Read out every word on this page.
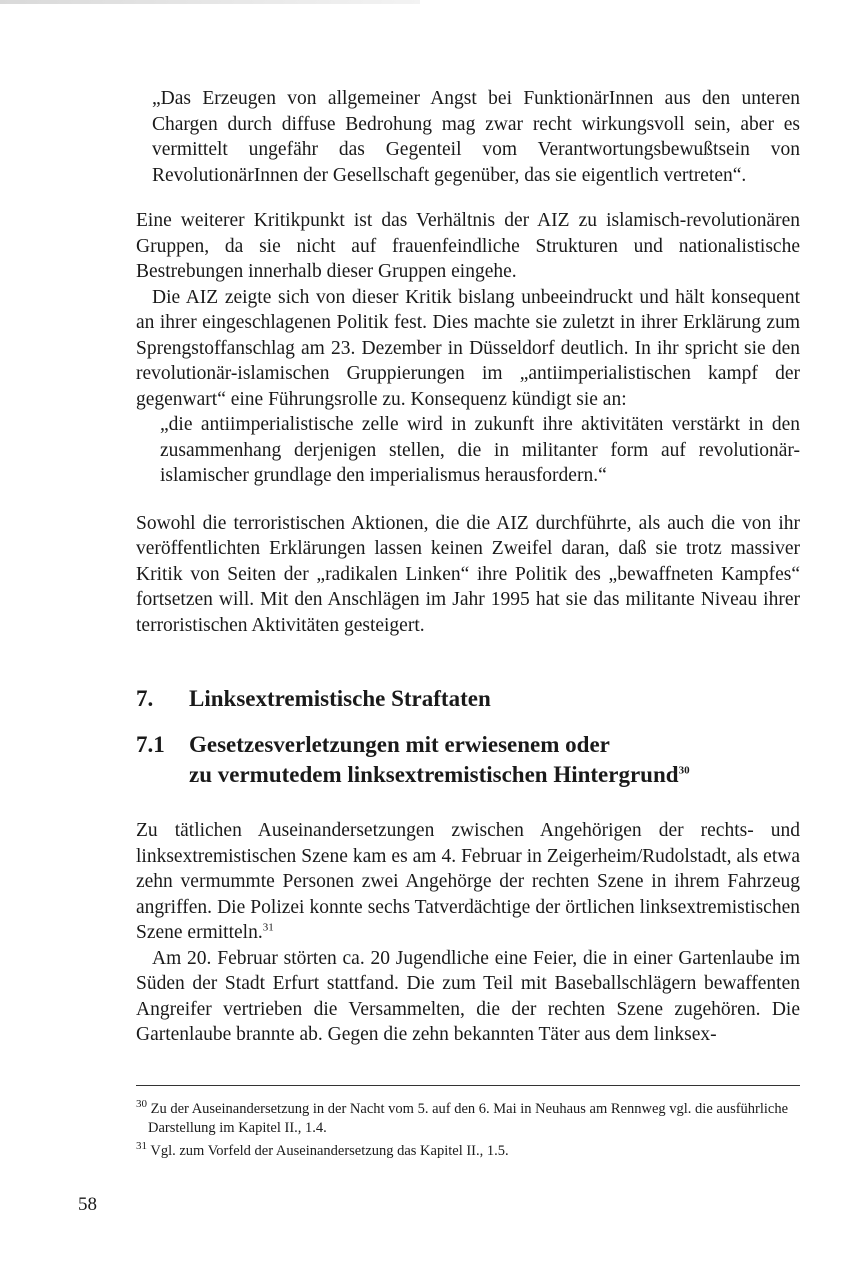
„Das Erzeugen von allgemeiner Angst bei FunktionärInnen aus den unteren Chargen durch diffuse Bedrohung mag zwar recht wirkungsvoll sein, aber es vermittelt ungefähr das Gegenteil vom Verantwortungsbewußtsein von RevolutionärInnen der Gesellschaft gegenüber, das sie eigentlich vertreten“.

Eine weiterer Kritikpunkt ist das Verhältnis der AIZ zu islamisch-revolutionären Gruppen, da sie nicht auf frauenfeindliche Strukturen und nationalistische Bestrebungen innerhalb dieser Gruppen eingehe.

Die AIZ zeigte sich von dieser Kritik bislang unbeeindruckt und hält konsequent an ihrer eingeschlagenen Politik fest. Dies machte sie zuletzt in ihrer Erklärung zum Sprengstoffanschlag am 23. Dezember in Düsseldorf deutlich. In ihr spricht sie den revolutionär-islamischen Gruppierungen im „antiimperialistischen kampf der gegenwart“ eine Führungsrolle zu. Konsequenz kündigt sie an:

„die antiimperialistische zelle wird in zukunft ihre aktivitäten verstärkt in den zusammenhang derjenigen stellen, die in militanter form auf revolutionär-islamischer grundlage den imperialismus herausfordern.“

Sowohl die terroristischen Aktionen, die die AIZ durchführte, als auch die von ihr veröffentlichten Erklärungen lassen keinen Zweifel daran, daß sie trotz massiver Kritik von Seiten der „radikalen Linken“ ihre Politik des „bewaffneten Kampfes“ fortsetzen will. Mit den Anschlägen im Jahr 1995 hat sie das militante Niveau ihrer terroristischen Aktivitäten gesteigert.

7. Linksextremistische Straftaten
7.1 Gesetzesverletzungen mit erwiesenem oder
zu vermutedem linksextremistischen Hintergrund$^{30}$

Zu tätlichen Auseinandersetzungen zwischen Angehörigen der rechts- und linksextremistischen Szene kam es am 4. Februar in Zeigerheim/Rudolstadt, als etwa zehn vermummte Personen zwei Angehörge der rechten Szene in ihrem Fahrzeug angriffen. Die Polizei konnte sechs Tatverdächtige der örtlichen linksextremistischen Szene ermitteln.$^{31}$

Am 20. Februar störten ca. 20 Jugendliche eine Feier, die in einer Gartenlaube im Süden der Stadt Erfurt stattfand. Die zum Teil mit Baseballschlägern bewaffenten Angreifer vertrieben die Versammelten, die der rechten Szene zugehören. Die Gartenlaube brannte ab. Gegen die zehn bekannten Täter aus dem linksex-

$^{30}$ Zu der Auseinandersetzung in der Nacht vom 5. auf den 6. Mai in Neuhaus am Rennweg vgl. die ausführliche Darstellung im Kapitel II., 1.4.

$^{31}$ Vgl. zum Vorfeld der Auseinandersetzung das Kapitel II., 1.5.

58
